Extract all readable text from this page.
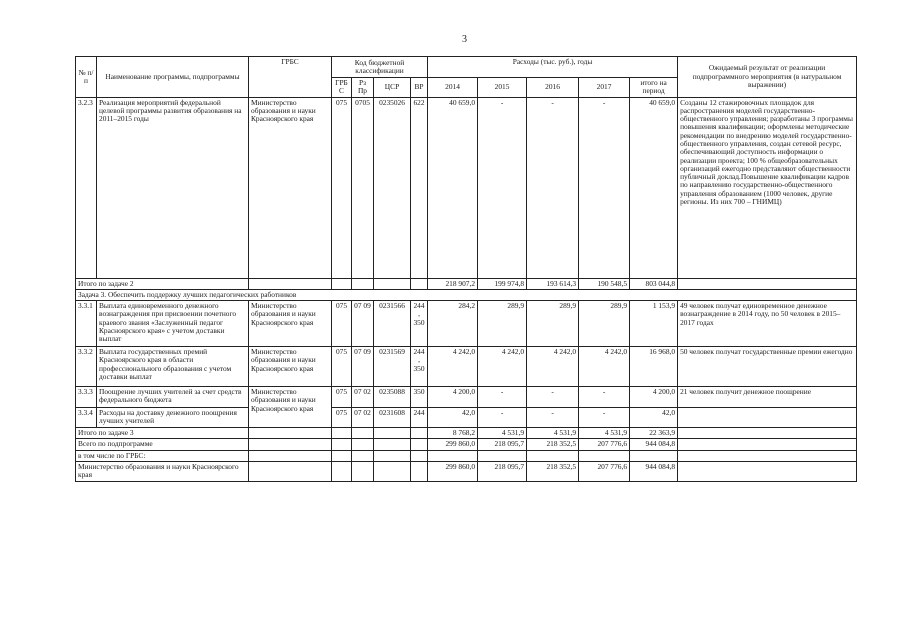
3
№ п/п	Наименование программы, подпрограммы	ГРБС	Код бюджетной классификации				Расходы (тыс. руб.), годы					Ожидаемый результат от реализации подпрограммного мероприятия (в натуральном выражении)
			ГРБС	Рз Пр	ЦСР	ВР	2014	2015	2016	2017	итого на период	
3.2.3	Реализация мероприятий федеральной целевой программы развития образования на 2011–2015 годы	Министерство образования и науки Красноярского края	075	0705	0235026	622	40 659,0	-	-	-	40 659,0	Созданы 12 стажировочных площадок для распространения моделей государственно-общественного управления; разработаны 3 программы повышения квалификации; оформлены методические рекомендации по внедрению моделей государственно-общественного управления, создан сетевой ресурс, обеспечивающий доступность информации о реализации проекта; 100 % общеобразовательных организаций ежегодно представляют общественности публичный доклад.Повышение квалификации кадров по направлению государственно-общественного управления образованием (1000 человек, другие регионы. Из них 700 – ГНИМЦ)
Итого по задаче 2							218 907,2	199 974,8	193 614,3	190 548,5	803 044,8	
Задача 3. Обеспечить поддержку лучших педагогических работников												
3.3.1	Выплата единовременного денежного вознаграждения при присвоении почетного краевого звания «Заслуженный педагог Красноярского края» с учетом доставки выплат	Министерство образования и науки Красноярского края	075	07 09	0231566	244, 350	284,2	289,9	289,9	289,9	1 153,9	49 человек получат единовременное денежное вознаграждение в 2014 году, по 50 человек в 2015–2017 годах
3.3.2	Выплата государственных премий Красноярского края в области профессионального образования с учетом доставки выплат	Министерство образования и науки Красноярского края	075	07 09	0231569	244, 350	4 242,0	4 242,0	4 242,0	4 242,0	16 968,0	50 человек получат государственные премии ежегодно
3.3.3	Поощрение лучших учителей за счет средств федерального бюджета	Министерство образования и науки Красноярского края	075	07 02	0235088	350	4 200,0	-	-	-	4 200,0	21 человек получит денежное поощрение
3.3.4	Расходы на доставку денежного поощрения лучших учителей		075	07 02	0231608	244	42,0	-	-	-	42,0	
Итого по задаче 3							8 768,2	4 531,9	4 531,9	4 531,9	22 363,9	
Всего по подпрограмме							299 860,0	218 095,7	218 352,5	207 776,6	944 084,8	
в том числе по ГРБС:												
Министерство образования и науки Красноярского края							299 860,0	218 095,7	218 352,5	207 776,6	944 084,8	
